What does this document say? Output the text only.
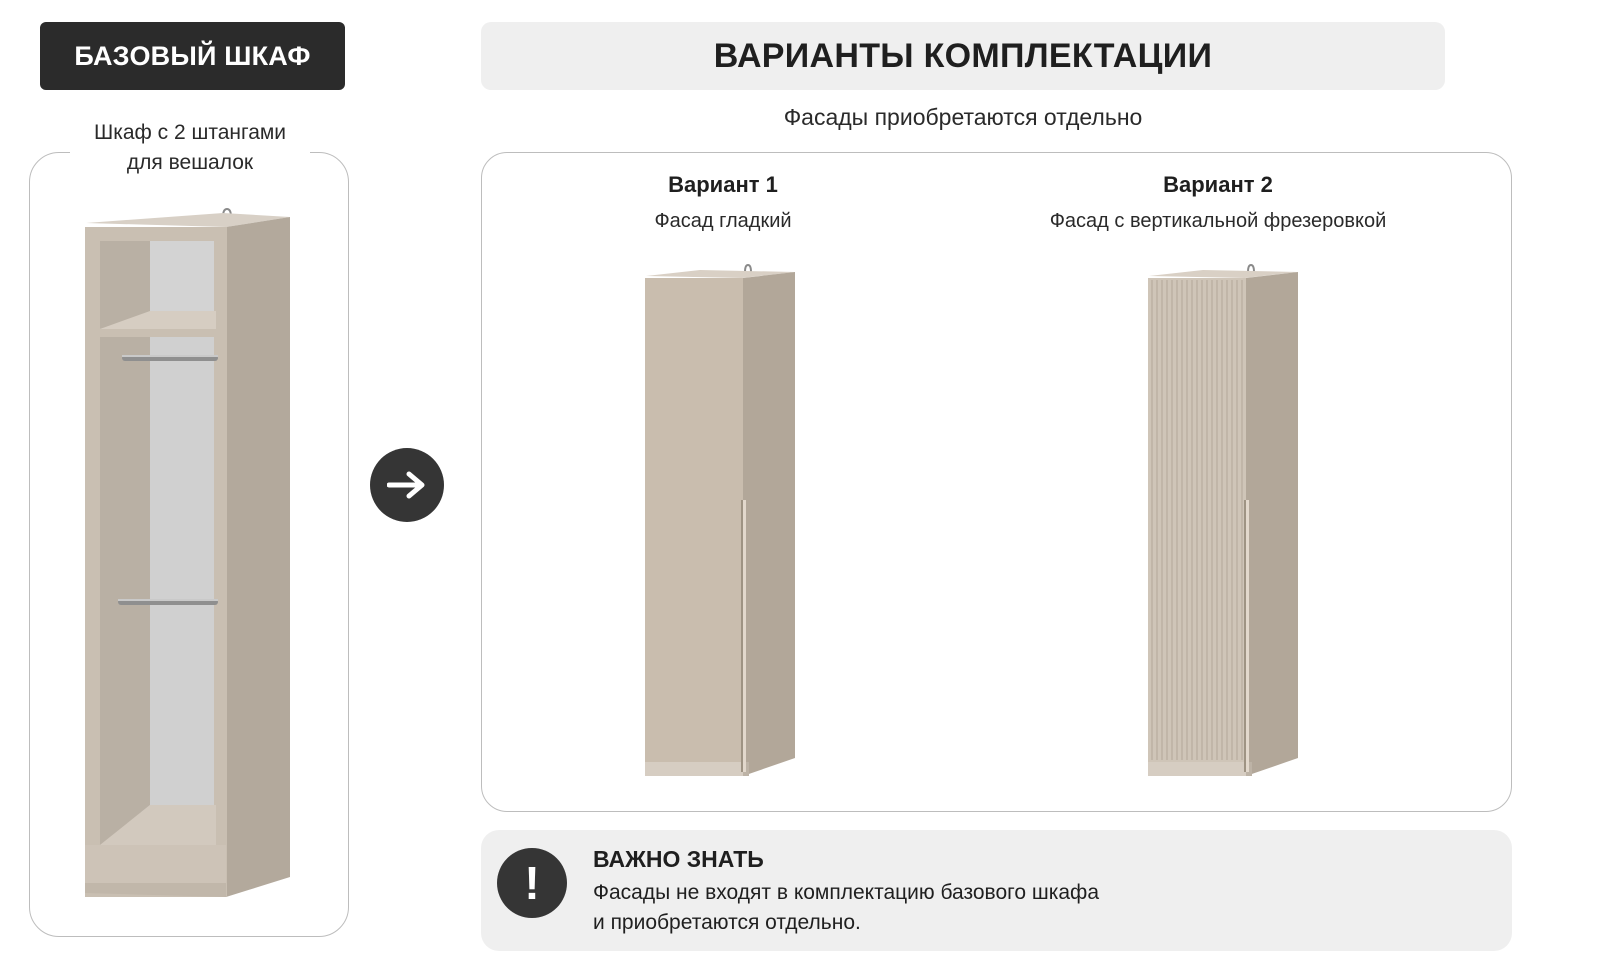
БАЗОВЫЙ ШКАФ
Шкаф с 2 штангами
для вешалок
ВАРИАНТЫ КОМПЛЕКТАЦИИ
Фасады приобретаются отдельно
Вариант 1
Фасад гладкий
Вариант 2
Фасад с вертикальной фрезеровкой
!	ВАЖНО ЗНАТЬ
Фасады не входят в комплектацию базового шкафа
и приобретаются отдельно.
